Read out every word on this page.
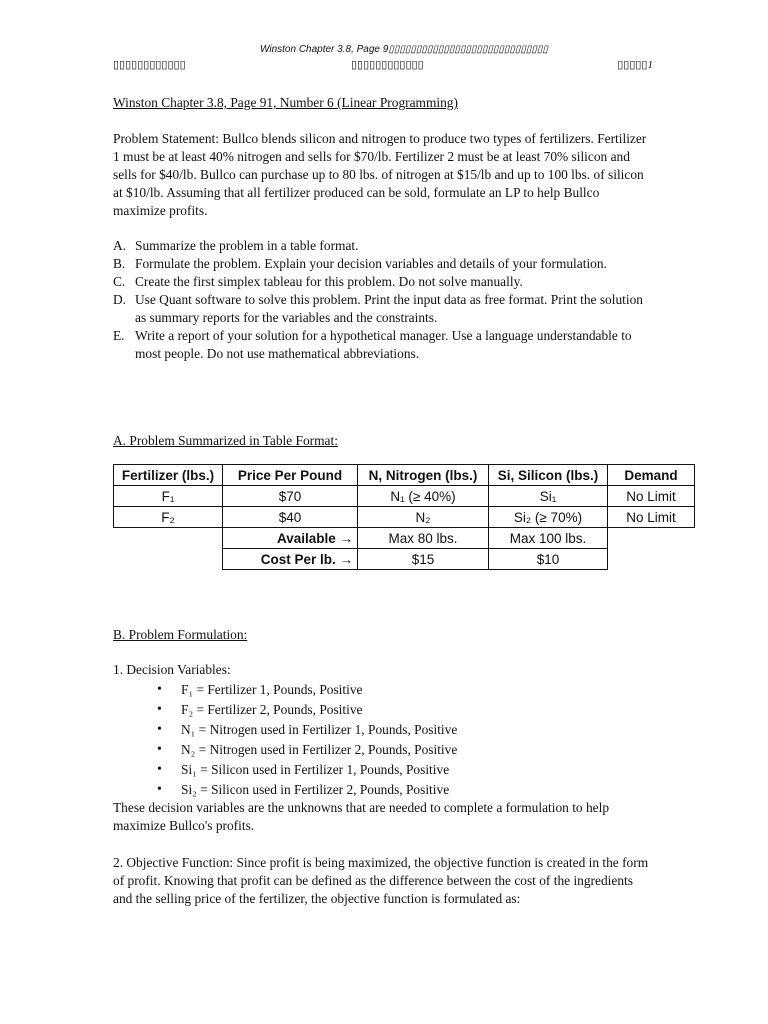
Winston Chapter 3.8, Page 9▯▯▯▯▯▯▯▯▯▯▯▯▯▯▯▯▯▯▯▯▯▯▯▯▯▯▯▯▯
▯▯▯▯▯▯▯▯▯▯▯▯	▯▯▯▯▯▯▯▯▯▯▯▯	▯▯▯▯▯1

Winston Chapter 3.8, Page 91, Number 6 (Linear Programming)

Problem Statement: Bullco blends silicon and nitrogen to produce two types of fertilizers. Fertilizer 1 must be at least 40% nitrogen and sells for $70/lb. Fertilizer 2 must be at least 70% silicon and sells for $40/lb. Bullco can purchase up to 80 lbs. of nitrogen at $15/lb and up to 100 lbs. of silicon at $10/lb. Assuming that all fertilizer produced can be sold, formulate an LP to help Bullco maximize profits.

A. Summarize the problem in a table format.
B. Formulate the problem. Explain your decision variables and details of your formulation.
C. Create the first simplex tableau for this problem. Do not solve manually.
D. Use Quant software to solve this problem. Print the input data as free format. Print the solution as summary reports for the variables and the constraints.
E. Write a report of your solution for a hypothetical manager. Use a language understandable to most people. Do not use mathematical abbreviations.

A. Problem Summarized in Table Format:

Fertilizer (lbs.)	Price Per Pound	N, Nitrogen (lbs.)	Si, Silicon (lbs.)	Demand
F₁	$70	N₁ (≥ 40%)	Si₁	No Limit
F₂	$40	N₂	Si₂ (≥ 70%)	No Limit
	Available →	Max 80 lbs.	Max 100 lbs.	
	Cost Per lb. →	$15	$10	

B. Problem Formulation:

1. Decision Variables:

• F₁ = Fertilizer 1, Pounds, Positive
• F₂ = Fertilizer 2, Pounds, Positive
• N₁ = Nitrogen used in Fertilizer 1, Pounds, Positive
• N₂ = Nitrogen used in Fertilizer 2, Pounds, Positive
• Si₁ = Silicon used in Fertilizer 1, Pounds, Positive
• Si₂ = Silicon used in Fertilizer 2, Pounds, Positive

These decision variables are the unknowns that are needed to complete a formulation to help maximize Bullco's profits.

2. Objective Function: Since profit is being maximized, the objective function is created in the form of profit. Knowing that profit can be defined as the difference between the cost of the ingredients and the selling price of the fertilizer, the objective function is formulated as:
